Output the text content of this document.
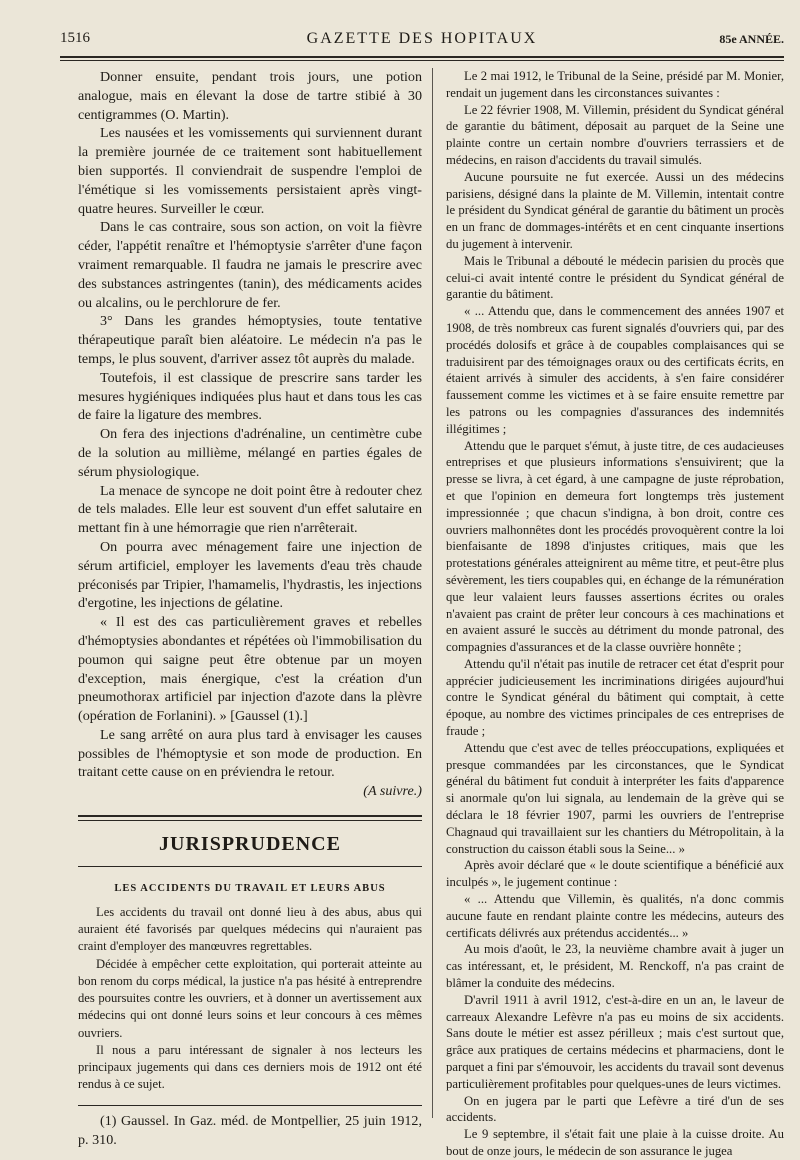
1516	GAZETTE DES HOPITAUX	85e ANNÉE.

Donner ensuite, pendant trois jours, une potion analogue, mais en élevant la dose de tartre stibié à 30 centigrammes (O. Martin).

Les nausées et les vomissements qui surviennent durant la première journée de ce traitement sont habituellement bien supportés. Il conviendrait de suspendre l'emploi de l'émétique si les vomissements persistaient après vingt-quatre heures. Surveiller le cœur.

Dans le cas contraire, sous son action, on voit la fièvre céder, l'appétit renaître et l'hémoptysie s'arrêter d'une façon vraiment remarquable. Il faudra ne jamais le prescrire avec des substances astringentes (tanin), des médicaments acides ou alcalins, ou le perchlorure de fer.

3° Dans les grandes hémoptysies, toute tentative thérapeutique paraît bien aléatoire. Le médecin n'a pas le temps, le plus souvent, d'arriver assez tôt auprès du malade.

Toutefois, il est classique de prescrire sans tarder les mesures hygiéniques indiquées plus haut et dans tous les cas de faire la ligature des membres.

On fera des injections d'adrénaline, un centimètre cube de la solution au millième, mélangé en parties égales de sérum physiologique.

La menace de syncope ne doit point être à redouter chez de tels malades. Elle leur est souvent d'un effet salutaire en mettant fin à une hémorragie que rien n'arrêterait.

On pourra avec ménagement faire une injection de sérum artificiel, employer les lavements d'eau très chaude préconisés par Tripier, l'hamamelis, l'hydrastis, les injections d'ergotine, les injections de gélatine.

« Il est des cas particulièrement graves et rebelles d'hémoptysies abondantes et répétées où l'immobilisation du poumon qui saigne peut être obtenue par un moyen d'exception, mais énergique, c'est la création d'un pneumothorax artificiel par injection d'azote dans la plèvre (opération de Forlanini). » [Gaussel (1).]

Le sang arrêté on aura plus tard à envisager les causes possibles de l'hémoptysie et son mode de production. En traitant cette cause on en préviendra le retour.

(A suivre.)

JURISPRUDENCE
LES ACCIDENTS DU TRAVAIL ET LEURS ABUS

Les accidents du travail ont donné lieu à des abus, abus qui auraient été favorisés par quelques médecins qui n'auraient pas craint d'employer des manœuvres regrettables.

Décidée à empêcher cette exploitation, qui porterait atteinte au bon renom du corps médical, la justice n'a pas hésité à entreprendre des poursuites contre les ouvriers, et à donner un avertissement aux médecins qui ont donné leurs soins et leur concours à ces mêmes ouvriers.

Il nous a paru intéressant de signaler à nos lecteurs les principaux jugements qui dans ces derniers mois de 1912 ont été rendus à ce sujet.

(1) Gaussel. In Gaz. méd. de Montpellier, 25 juin 1912, p. 310.

Le 2 mai 1912, le Tribunal de la Seine, présidé par M. Monier, rendait un jugement dans les circonstances suivantes :

Le 22 février 1908, M. Villemin, président du Syndicat général de garantie du bâtiment, déposait au parquet de la Seine une plainte contre un certain nombre d'ouvriers terrassiers et de médecins, en raison d'accidents du travail simulés.

Aucune poursuite ne fut exercée. Aussi un des médecins parisiens, désigné dans la plainte de M. Villemin, intentait contre le président du Syndicat général de garantie du bâtiment un procès en un franc de dommages-intérêts et en cent cinquante insertions du jugement à intervenir.

Mais le Tribunal a débouté le médecin parisien du procès que celui-ci avait intenté contre le président du Syndicat général de garantie du bâtiment.

« ... Attendu que, dans le commencement des années 1907 et 1908, de très nombreux cas furent signalés d'ouvriers qui, par des procédés dolosifs et grâce à de coupables complaisances qui se traduisirent par des témoignages oraux ou des certificats écrits, en étaient arrivés à simuler des accidents, à s'en faire considérer faussement comme les victimes et à se faire ensuite remettre par les patrons ou les compagnies d'assurances des indemnités illégitimes ;

Attendu que le parquet s'émut, à juste titre, de ces audacieuses entreprises et que plusieurs informations s'ensuivirent; que la presse se livra, à cet égard, à une campagne de juste réprobation, et que l'opinion en demeura fort longtemps très justement impressionnée ; que chacun s'indigna, à bon droit, contre ces ouvriers malhonnêtes dont les procédés provoquèrent contre la loi bienfaisante de 1898 d'injustes critiques, mais que les protestations générales atteignirent au même titre, et peut-être plus sévèrement, les tiers coupables qui, en échange de la rémunération que leur valaient leurs fausses assertions écrites ou orales n'avaient pas craint de prêter leur concours à ces machinations et en avaient assuré le succès au détriment du monde patronal, des compagnies d'assurances et de la classe ouvrière honnête ;

Attendu qu'il n'était pas inutile de retracer cet état d'esprit pour apprécier judicieusement les incriminations dirigées aujourd'hui contre le Syndicat général du bâtiment qui comptait, à cette époque, au nombre des victimes principales de ces entreprises de fraude ;

Attendu que c'est avec de telles préoccupations, expliquées et presque commandées par les circonstances, que le Syndicat général du bâtiment fut conduit à interpréter les faits d'apparence si anormale qu'on lui signala, au lendemain de la grève qui se déclara le 18 février 1907, parmi les ouvriers de l'entreprise Chagnaud qui travaillaient sur les chantiers du Métropolitain, à la construction du caisson établi sous la Seine... »

Après avoir déclaré que « le doute scientifique a bénéficié aux inculpés », le jugement continue :

« ... Attendu que Villemin, ès qualités, n'a donc commis aucune faute en rendant plainte contre les médecins, auteurs des certificats délivrés aux prétendus accidentés... »

Au mois d'août, le 23, la neuvième chambre avait à juger un cas intéressant, et, le président, M. Renckoff, n'a pas craint de blâmer la conduite des médecins.

D'avril 1911 à avril 1912, c'est-à-dire en un an, le laveur de carreaux Alexandre Lefèvre n'a pas eu moins de six accidents. Sans doute le métier est assez périlleux ; mais c'est surtout que, grâce aux pratiques de certains médecins et pharmaciens, dont le parquet a fini par s'émouvoir, les accidents du travail sont devenus particulièrement profitables pour quelques-unes de leurs victimes.

On en jugera par le parti que Lefèvre a tiré d'un de ses accidents.

Le 9 septembre, il s'était fait une plaie à la cuisse droite. Au bout de onze jours, le médecin de son assurance le jugea
